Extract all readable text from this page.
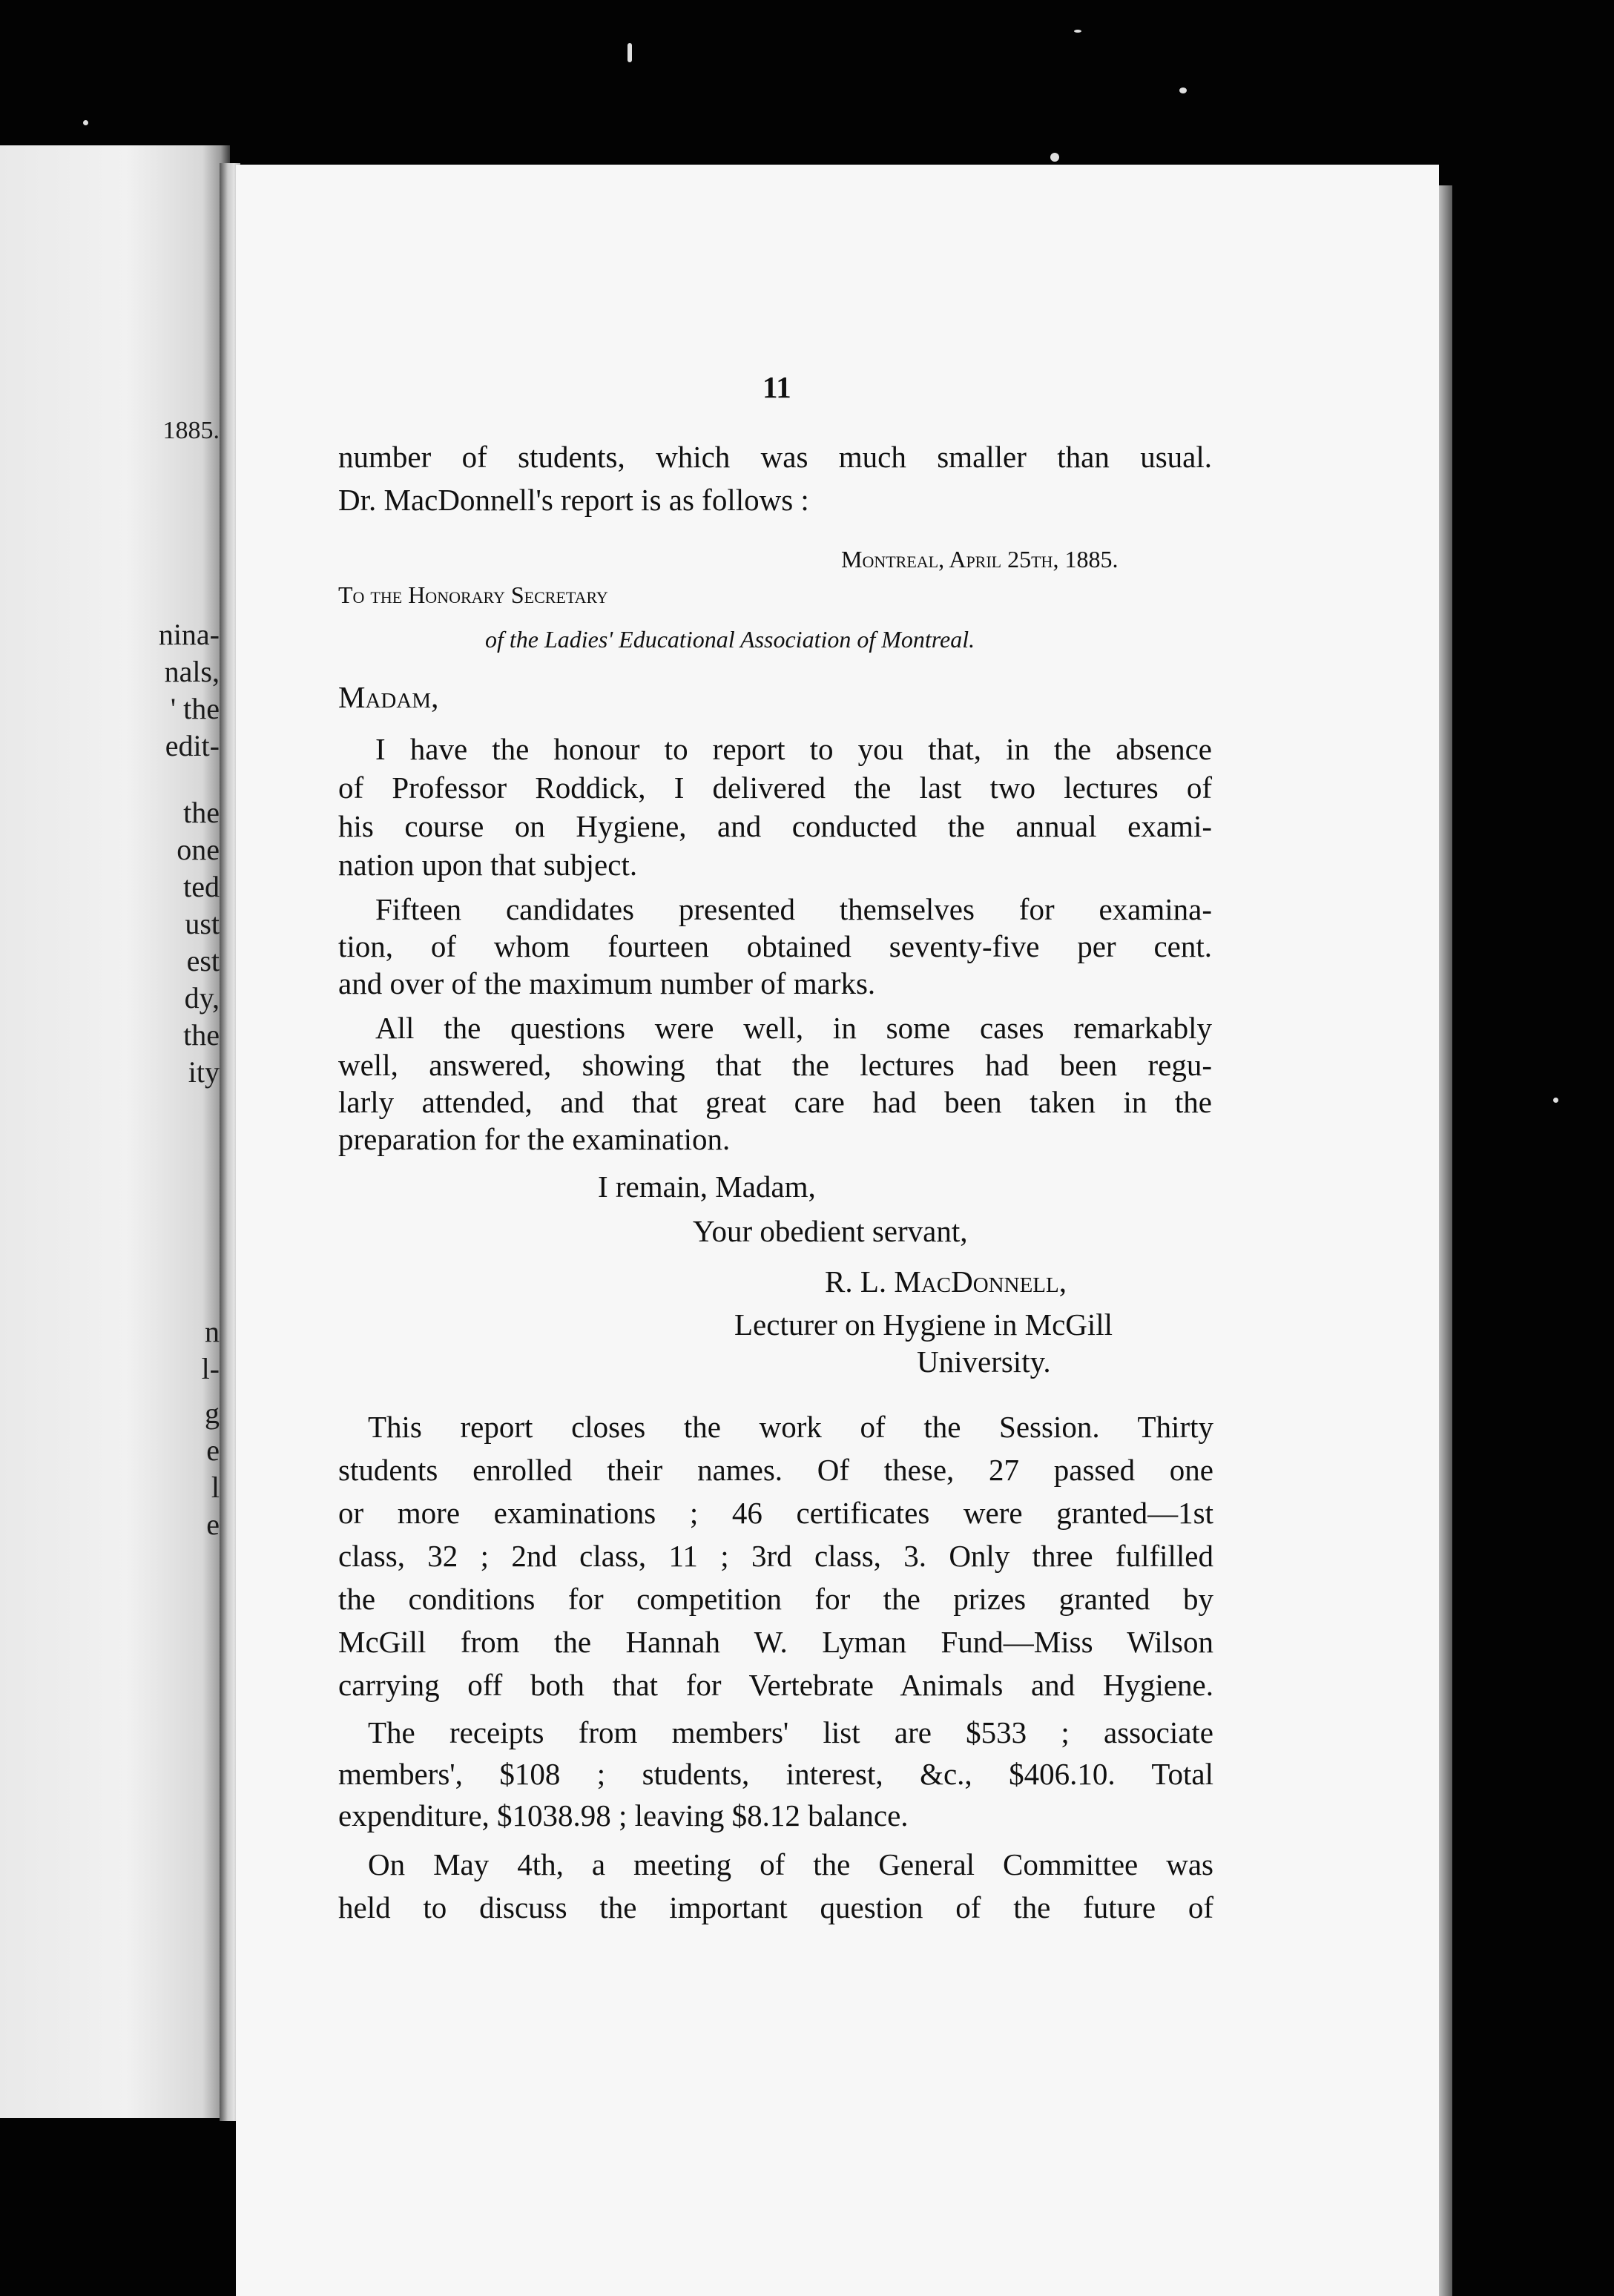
1885.
nina-
nals,
' the
edit-
the
one
ted
ust
est
dy,
the
ity
n
l-
g
e
l
e
11
number of students, which was much smaller than usual.
Dr. MacDonnell's report is as follows :
Montreal, April 25th, 1885.
To the Honorary Secretary
of the Ladies' Educational Association of Montreal.
Madam,
I have the honour to report to you that, in the absence
of Professor Roddick, I delivered the last two lectures of
his course on Hygiene, and conducted the annual exami-
nation upon that subject.
Fifteen candidates presented themselves for examina-
tion, of whom fourteen obtained seventy-five per cent.
and over of the maximum number of marks.
All the questions were well, in some cases remarkably
well, answered, showing that the lectures had been regu-
larly attended, and that great care had been taken in the
preparation for the examination.
I remain, Madam,
Your obedient servant,
R. L. MacDonnell,
Lecturer on Hygiene in McGill
University.
This report closes the work of the Session. Thirty
students enrolled their names. Of these, 27 passed one
or more examinations ; 46 certificates were granted—1st
class, 32 ; 2nd class, 11 ; 3rd class, 3. Only three fulfilled
the conditions for competition for the prizes granted by
McGill from the Hannah W. Lyman Fund—Miss Wilson
carrying off both that for Vertebrate Animals and Hygiene.
The receipts from members' list are $533 ; associate
members', $108 ; students, interest, &c., $406.10. Total
expenditure, $1038.98 ; leaving $8.12 balance.
On May 4th, a meeting of the General Committee was
held to discuss the important question of the future of
